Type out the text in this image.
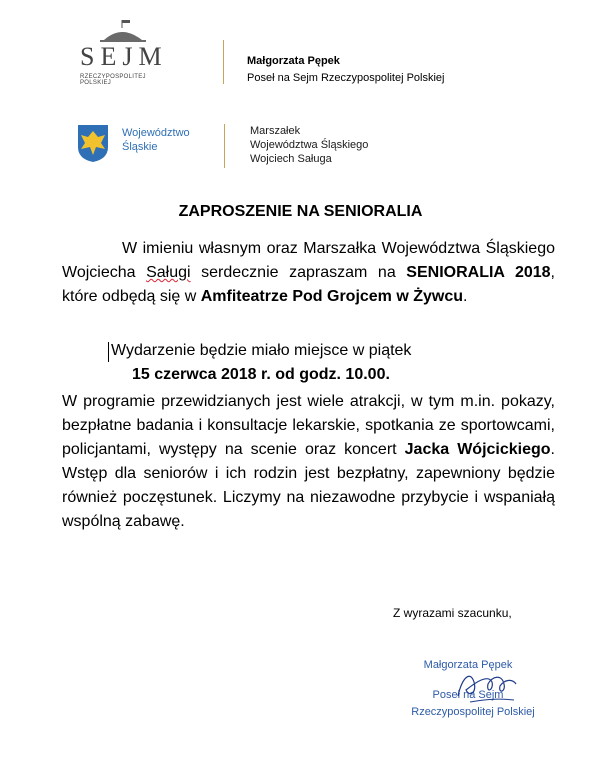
SEJM
RZECZYPOSPOLITEJ POLSKIEJ
Małgorzata Pępek
Poseł na Sejm Rzeczypospolitej Polskiej
Województwo
Śląskie
Marszałek
Województwa Śląskiego
Wojciech Saługa
ZAPROSZENIE NA SENIORALIA
W imieniu własnym oraz Marszałka Województwa Śląskiego Wojciecha Saługi serdecznie zapraszam na SENIORALIA 2018, które odbędą się w Amfiteatrze Pod Grojcem w Żywcu.
Wydarzenie będzie miało miejsce w piątek
15 czerwca 2018 r. od godz. 10.00.
W programie przewidzianych jest wiele atrakcji, w tym m.in. pokazy, bezpłatne badania i konsultacje lekarskie, spotkania ze sportowcami, policjantami, występy na scenie oraz koncert Jacka Wójcickiego. Wstęp dla seniorów i ich rodzin jest bezpłatny, zapewniony będzie również poczęstunek. Liczymy na niezawodne przybycie i wspaniałą wspólną zabawę.
Z wyrazami szacunku,
Małgorzata Pępek
Poseł na Sejm
Rzeczypospolitej Polskiej
